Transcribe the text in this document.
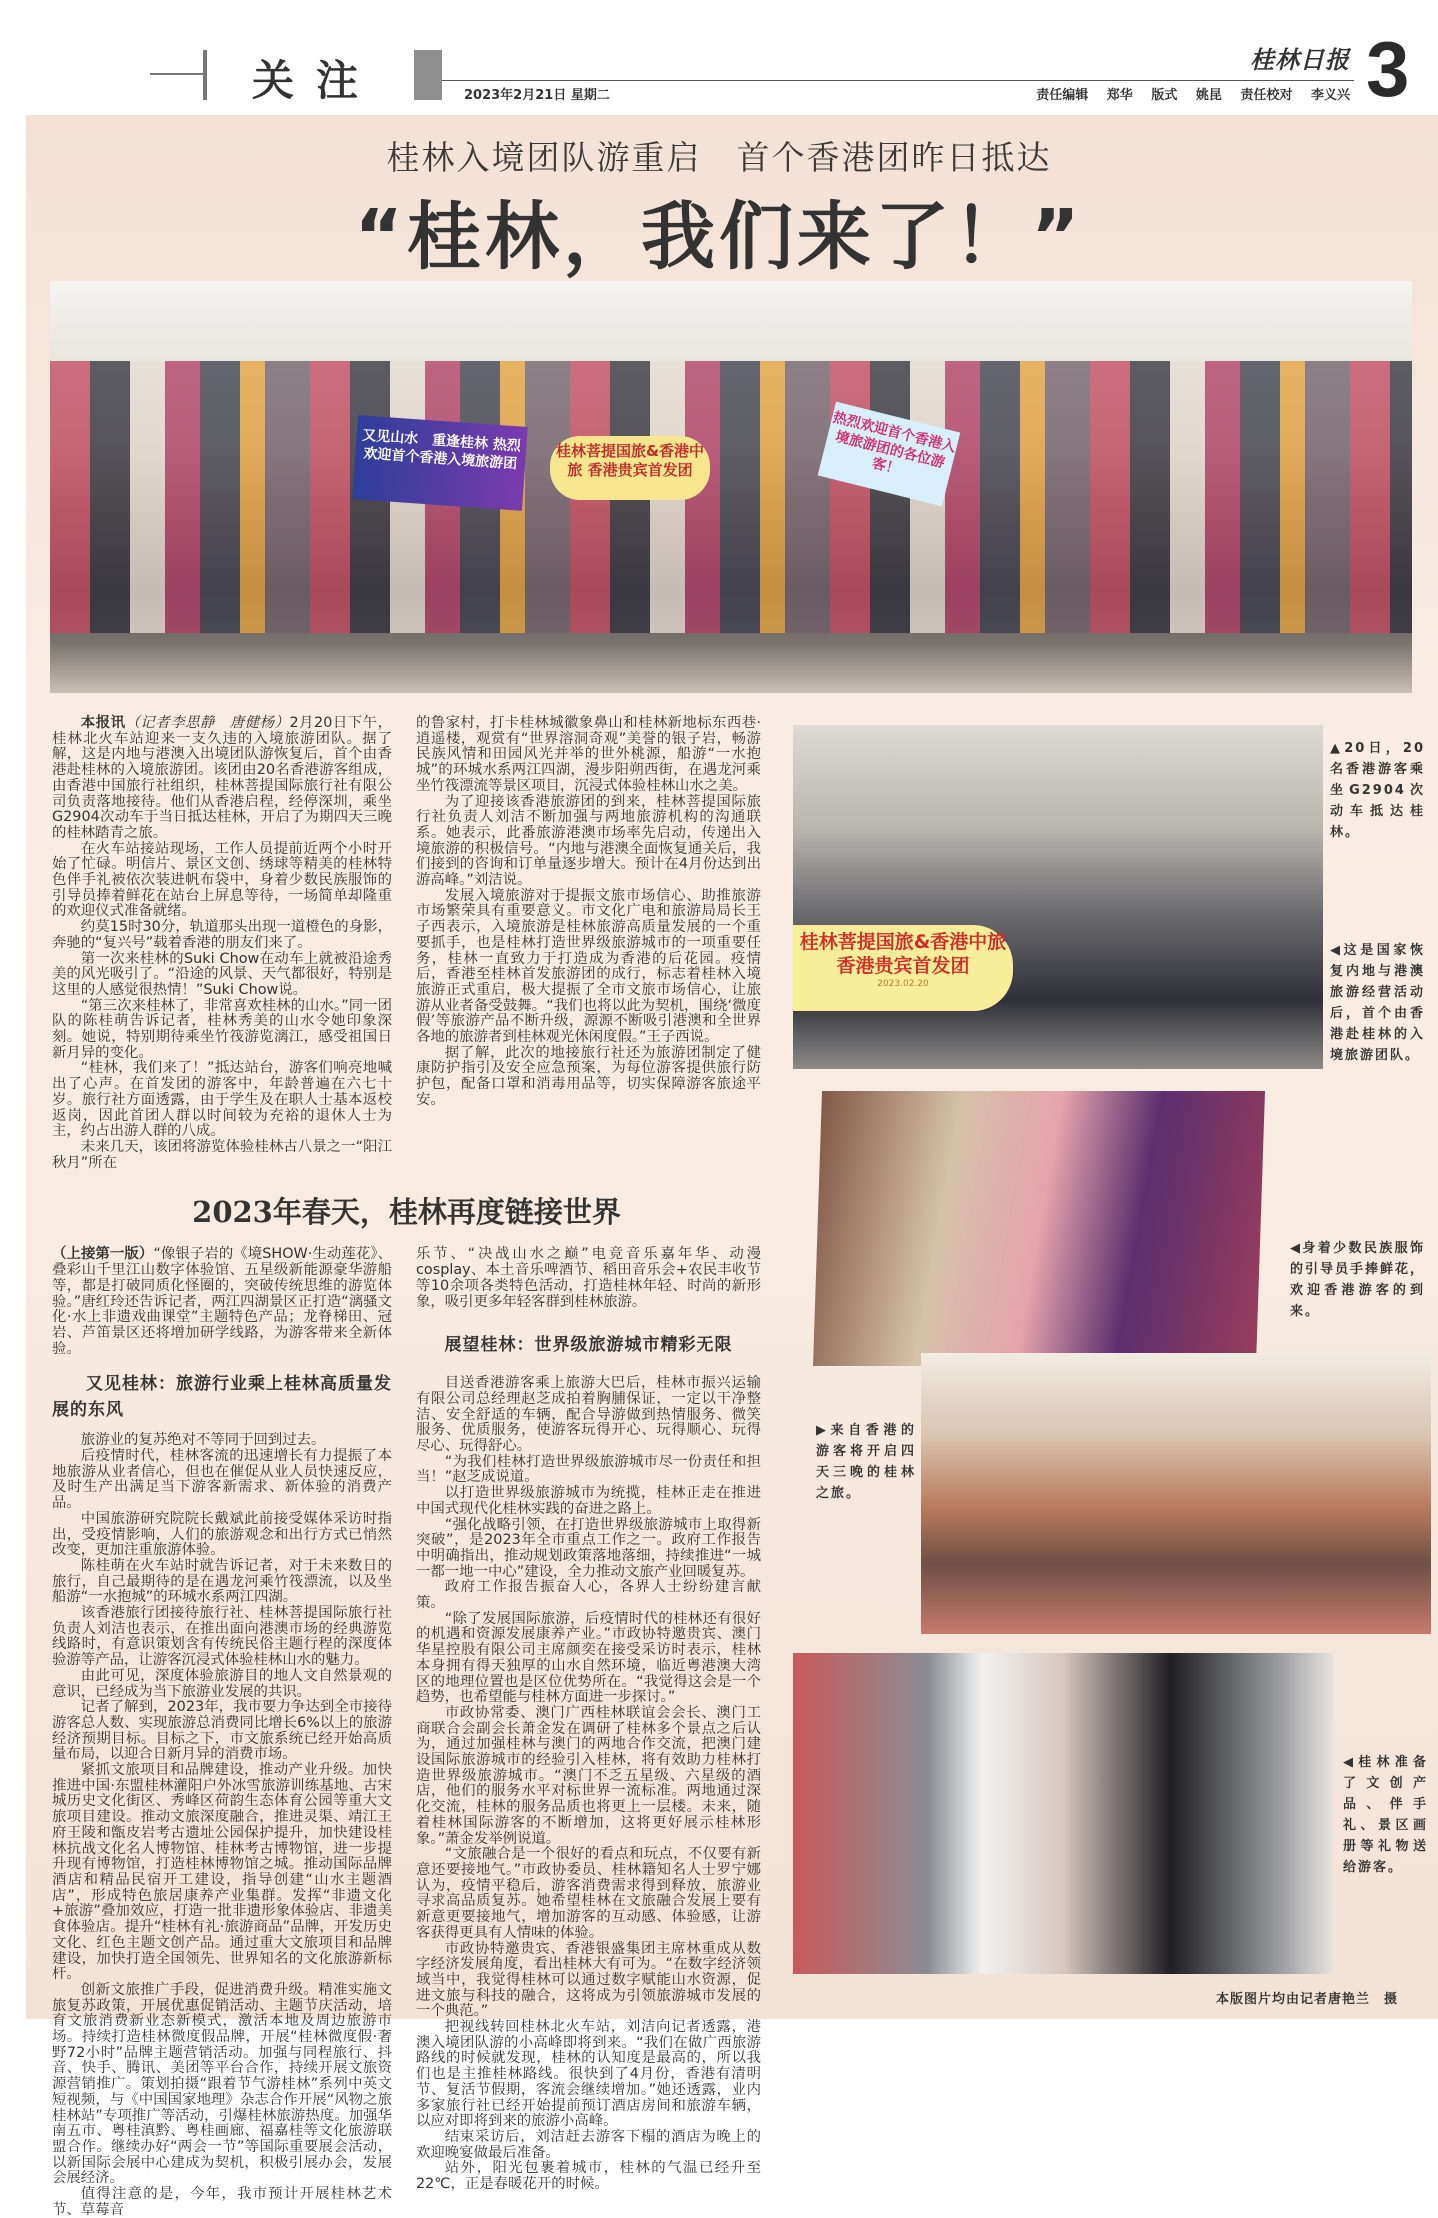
关注	2023年2月21日 星期二
桂林日报
责任编辑 郑华 版式 姚昆 责任校对 李义兴 3
桂林入境团队游重启　首个香港团昨日抵达
“桂林，我们来了！”
又见山水　重逢桂林 热烈欢迎首个香港入境旅游团	桂林菩提国旅&香港中旅 香港贵宾首发团
热烈欢迎首个香港入境旅游团的各位游客！

本报讯（记者李思静　唐健杨）2月20日下午，桂林北火车站迎来一支久违的入境旅游团队。据了解，这是内地与港澳入出境团队游恢复后，首个由香港赴桂林的入境旅游团。该团由20名香港游客组成，由香港中国旅行社组织，桂林菩提国际旅行社有限公司负责落地接待。他们从香港启程，经停深圳，乘坐G2904次动车于当日抵达桂林，开启了为期四天三晚的桂林踏青之旅。

在火车站接站现场，工作人员提前近两个小时开始了忙碌。明信片、景区文创、绣球等精美的桂林特色伴手礼被依次装进帆布袋中，身着少数民族服饰的引导员捧着鲜花在站台上屏息等待，一场简单却隆重的欢迎仪式准备就绪。

约莫15时30分，轨道那头出现一道橙色的身影，奔驰的“复兴号”载着香港的朋友们来了。

第一次来桂林的Suki Chow在动车上就被沿途秀美的风光吸引了。“沿途的风景、天气都很好，特别是这里的人感觉很热情！”Suki Chow说。

“第三次来桂林了，非常喜欢桂林的山水。”同一团队的陈桂萌告诉记者，桂林秀美的山水令她印象深刻。她说，特别期待乘坐竹筏游览漓江，感受祖国日新月异的变化。

“桂林，我们来了！”抵达站台，游客们响亮地喊出了心声。在首发团的游客中，年龄普遍在六七十岁。旅行社方面透露，由于学生及在职人士基本返校返岗，因此首团人群以时间较为充裕的退休人士为主，约占出游人群的八成。

未来几天，该团将游览体验桂林古八景之一“阳江秋月”所在

的鲁家村，打卡桂林城徽象鼻山和桂林新地标东西巷·逍遥楼，观赏有“世界溶洞奇观”美誉的银子岩，畅游民族风情和田园风光并举的世外桃源，船游“一水抱城”的环城水系两江四湖，漫步阳朔西街，在遇龙河乘坐竹筏漂流等景区项目，沉浸式体验桂林山水之美。

为了迎接该香港旅游团的到来，桂林菩提国际旅行社负责人刘洁不断加强与两地旅游机构的沟通联系。她表示，此番旅游港澳市场率先启动，传递出入境旅游的积极信号。“内地与港澳全面恢复通关后，我们接到的咨询和订单量逐步增大。预计在4月份达到出游高峰。”刘洁说。

发展入境旅游对于提振文旅市场信心、助推旅游市场繁荣具有重要意义。市文化广电和旅游局局长王子西表示，入境旅游是桂林旅游高质量发展的一个重要抓手，也是桂林打造世界级旅游城市的一项重要任务，桂林一直致力于打造成为香港的后花园。疫情后，香港至桂林首发旅游团的成行，标志着桂林入境旅游正式重启，极大提振了全市文旅市场信心，让旅游从业者备受鼓舞。“我们也将以此为契机，围绕‘微度假’等旅游产品不断升级，源源不断吸引港澳和全世界各地的旅游者到桂林观光休闲度假。”王子西说。

据了解，此次的地接旅行社还为旅游团制定了健康防护指引及安全应急预案，为每位游客提供旅行防护包，配备口罩和消毒用品等，切实保障游客旅途平安。

2023年春天，桂林再度链接世界

（上接第一版）“像银子岩的《境SHOW·生动莲花》、叠彩山千里江山数字体验馆、五星级新能源豪华游船等，都是打破同质化怪圈的，突破传统思维的游览体验。”唐红玲还告诉记者，两江四湖景区正打造“漓骚文化·水上非遗戏曲课堂”主题特色产品；龙脊梯田、冠岩、芦笛景区还将增加研学线路，为游客带来全新体验。

又见桂林：旅游行业乘上桂林高质量发展的东风

旅游业的复苏绝对不等同于回到过去。

后疫情时代，桂林客流的迅速增长有力提振了本地旅游从业者信心，但也在催促从业人员快速反应，及时生产出满足当下游客新需求、新体验的消费产品。

中国旅游研究院院长戴斌此前接受媒体采访时指出，受疫情影响，人们的旅游观念和出行方式已悄然改变，更加注重旅游体验。

陈桂萌在火车站时就告诉记者，对于未来数日的旅行，自己最期待的是在遇龙河乘竹筏漂流，以及坐船游“一水抱城”的环城水系两江四湖。

该香港旅行团接待旅行社、桂林菩提国际旅行社负责人刘洁也表示，在推出面向港澳市场的经典游览线路时，有意识策划含有传统民俗主题行程的深度体验游等产品，让游客沉浸式体验桂林山水的魅力。

由此可见，深度体验旅游目的地人文自然景观的意识，已经成为当下旅游业发展的共识。

记者了解到，2023年，我市要力争达到全市接待游客总人数、实现旅游总消费同比增长6%以上的旅游经济预期目标。目标之下，市文旅系统已经开始高质量布局，以迎合日新月异的消费市场。

紧抓文旅项目和品牌建设，推动产业升级。加快推进中国·东盟桂林灌阳户外冰雪旅游训练基地、古宋城历史文化街区、秀峰区荷韵生态体育公园等重大文旅项目建设。推动文旅深度融合，推进灵渠、靖江王府王陵和甑皮岩考古遗址公园保护提升，加快建设桂林抗战文化名人博物馆、桂林考古博物馆，进一步提升现有博物馆，打造桂林博物馆之城。推动国际品牌酒店和精品民宿开工建设，指导创建“山水主题酒店”，形成特色旅居康养产业集群。发挥“非遗文化+旅游”叠加效应，打造一批非遗形象体验店、非遗美食体验店。提升“桂林有礼·旅游商品”品牌，开发历史文化、红色主题文创产品。通过重大文旅项目和品牌建设，加快打造全国领先、世界知名的文化旅游新标杆。

创新文旅推广手段，促进消费升级。精准实施文旅复苏政策，开展优惠促销活动、主题节庆活动，培育文旅消费新业态新模式，激活本地及周边旅游市场。持续打造桂林微度假品牌，开展“桂林微度假·奢野72小时”品牌主题营销活动。加强与同程旅行、抖音、快手、腾讯、美团等平台合作，持续开展文旅资源营销推广。策划拍摄“跟着节气游桂林”系列中英文短视频，与《中国国家地理》杂志合作开展“风物之旅桂林站”专项推广等活动，引爆桂林旅游热度。加强华南五市、粤桂滇黔、粤桂画廊、福嘉桂等文化旅游联盟合作。继续办好“两会一节”等国际重要展会活动，以新国际会展中心建成为契机，积极引展办会，发展会展经济。

值得注意的是，今年，我市预计开展桂林艺术节、草莓音

乐节、“决战山水之巅”电竞音乐嘉年华、动漫cosplay、本土音乐啤酒节、稻田音乐会+农民丰收节等10余项各类特色活动，打造桂林年轻、时尚的新形象，吸引更多年轻客群到桂林旅游。

展望桂林：世界级旅游城市精彩无限

目送香港游客乘上旅游大巴后，桂林市振兴运输有限公司总经理赵芝成拍着胸脯保证，一定以干净整洁、安全舒适的车辆，配合导游做到热情服务、微笑服务、优质服务，使游客玩得开心、玩得顺心、玩得尽心、玩得舒心。

“为我们桂林打造世界级旅游城市尽一份责任和担当！”赵芝成说道。

以打造世界级旅游城市为统揽，桂林正走在推进中国式现代化桂林实践的奋进之路上。

“强化战略引领，在打造世界级旅游城市上取得新突破”，是2023年全市重点工作之一。政府工作报告中明确指出，推动规划政策落地落细，持续推进“一城一都一地一中心”建设，全力推动文旅产业回暖复苏。

政府工作报告振奋人心，各界人士纷纷建言献策。

“除了发展国际旅游，后疫情时代的桂林还有很好的机遇和资源发展康养产业。”市政协特邀贵宾、澳门华星控股有限公司主席颜奕在接受采访时表示，桂林本身拥有得天独厚的山水自然环境，临近粤港澳大湾区的地理位置也是区位优势所在。“我觉得这会是一个趋势，也希望能与桂林方面进一步探讨。”

市政协常委、澳门广西桂林联谊会会长、澳门工商联合会副会长萧金发在调研了桂林多个景点之后认为，通过加强桂林与澳门的两地合作交流，把澳门建设国际旅游城市的经验引入桂林，将有效助力桂林打造世界级旅游城市。“澳门不乏五星级、六星级的酒店，他们的服务水平对标世界一流标准。两地通过深化交流，桂林的服务品质也将更上一层楼。未来，随着桂林国际游客的不断增加，这将更好展示桂林形象。”萧金发举例说道。

“文旅融合是一个很好的看点和玩点，不仅要有新意还要接地气。”市政协委员、桂林籍知名人士罗宁娜认为，疫情平稳后，游客消费需求得到释放，旅游业寻求高品质复苏。她希望桂林在文旅融合发展上要有新意更要接地气，增加游客的互动感、体验感，让游客获得更具有人情味的体验。

市政协特邀贵宾、香港银盛集团主席林重成从数字经济发展角度，看出桂林大有可为。“在数字经济领域当中，我觉得桂林可以通过数字赋能山水资源，促进文旅与科技的融合，这将成为引领旅游城市发展的一个典范。”

把视线转回桂林北火车站，刘洁向记者透露，港澳入境团队游的小高峰即将到来。“我们在做广西旅游路线的时候就发现，桂林的认知度是最高的，所以我们也是主推桂林路线。很快到了4月份，香港有清明节、复活节假期，客流会继续增加。”她还透露，业内多家旅行社已经开始提前预订酒店房间和旅游车辆，以应对即将到来的旅游小高峰。

结束采访后，刘洁赶去游客下榻的酒店为晚上的欢迎晚宴做最后准备。

站外，阳光包裹着城市，桂林的气温已经升至22℃，正是春暖花开的时候。

桂林菩提国旅&香港中旅 香港贵宾首发团
2023.02.20
▲20日，20名香港游客乘坐G2904次动车抵达桂林。
◀这是国家恢复内地与港澳旅游经营活动后，首个由香港赴桂林的入境旅游团队。
◀身着少数民族服饰的引导员手捧鲜花，欢迎香港游客的到来。
▶来自香港的游客将开启四天三晚的桂林之旅。
◀桂林准备了文创产品、伴手礼、景区画册等礼物送给游客。
本版图片均由记者唐艳兰　摄
